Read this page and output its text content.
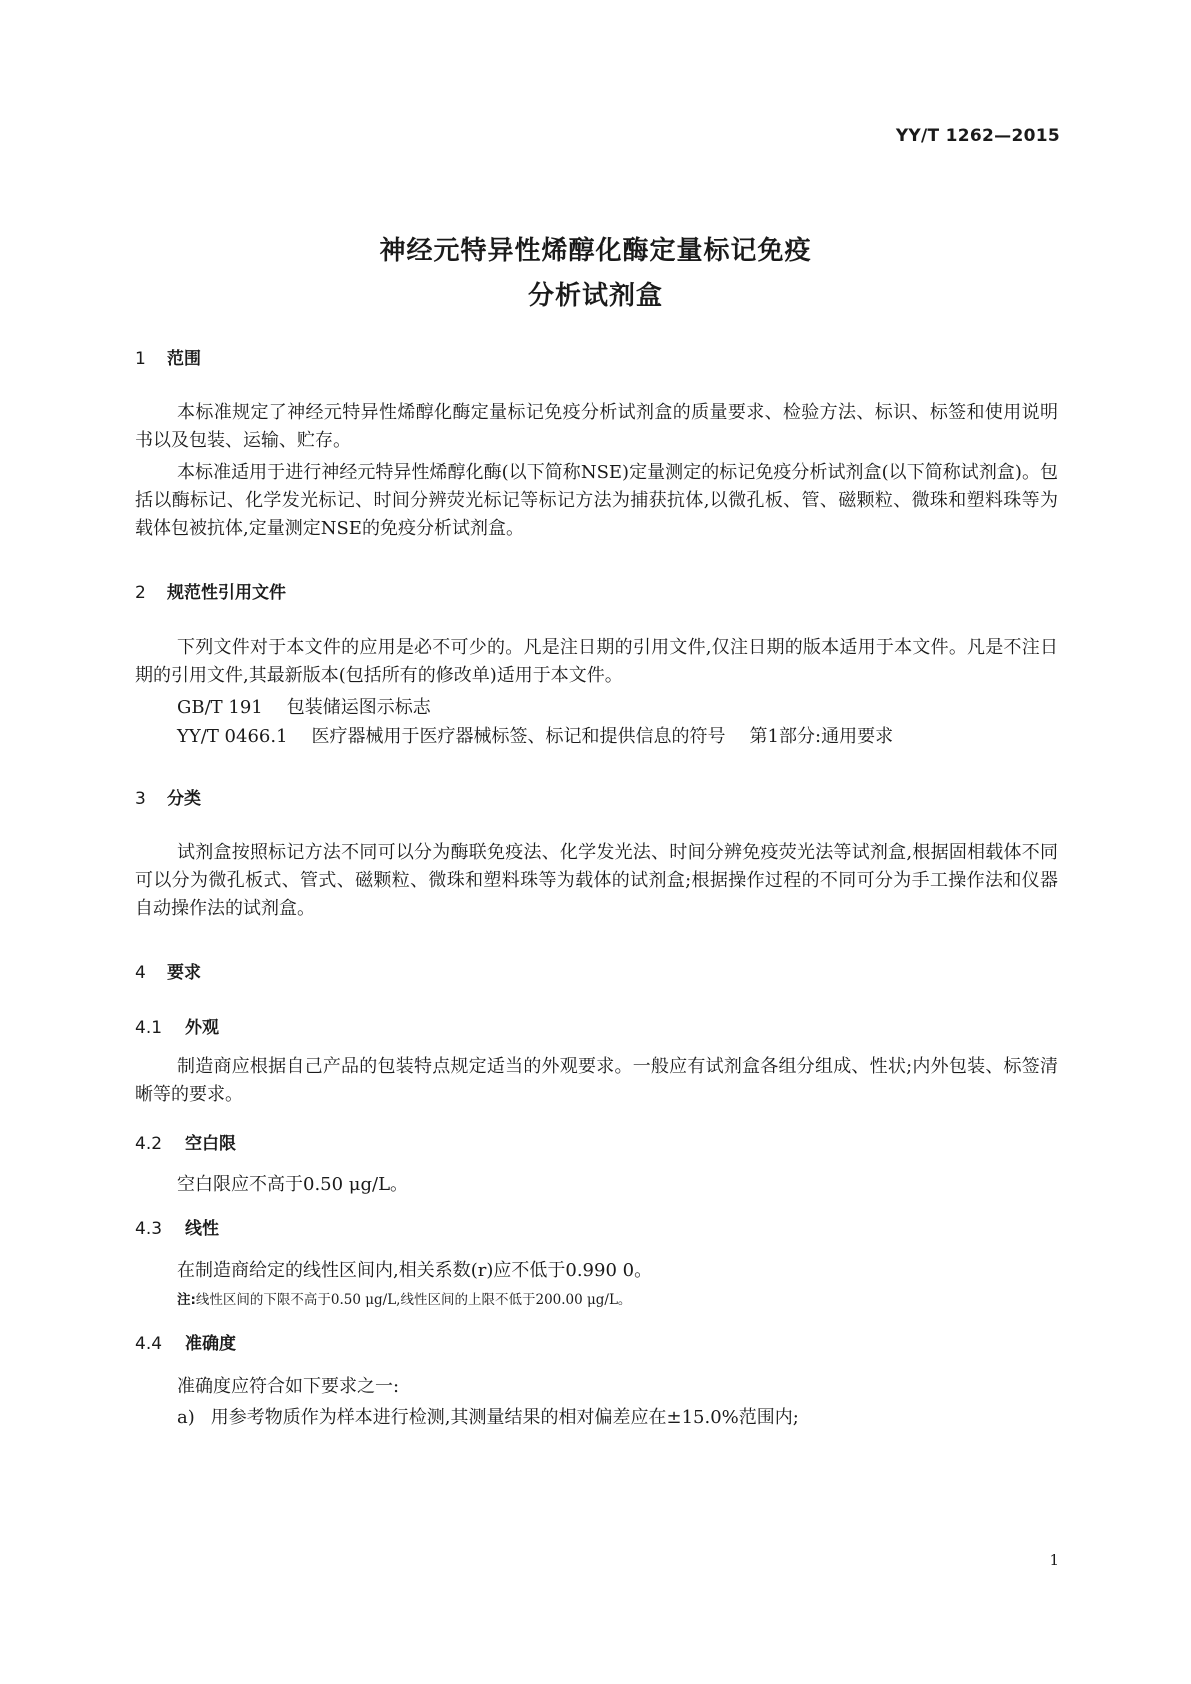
YY/T 1262—2015
神经元特异性烯醇化酶定量标记免疫
分析试剂盒
1 范围

本标准规定了神经元特异性烯醇化酶定量标记免疫分析试剂盒的质量要求、检验方法、标识、标签和使用说明书以及包装、运输、贮存。

本标准适用于进行神经元特异性烯醇化酶(以下简称NSE)定量测定的标记免疫分析试剂盒(以下简称试剂盒)。包括以酶标记、化学发光标记、时间分辨荧光标记等标记方法为捕获抗体,以微孔板、管、磁颗粒、微珠和塑料珠等为载体包被抗体,定量测定NSE的免疫分析试剂盒。

2 规范性引用文件

下列文件对于本文件的应用是必不可少的。凡是注日期的引用文件,仅注日期的版本适用于本文件。凡是不注日期的引用文件,其最新版本(包括所有的修改单)适用于本文件。

GB/T 191 包装储运图示标志
YY/T 0466.1 医疗器械用于医疗器械标签、标记和提供信息的符号 第1部分:通用要求
3 分类

试剂盒按照标记方法不同可以分为酶联免疫法、化学发光法、时间分辨免疫荧光法等试剂盒,根据固相载体不同可以分为微孔板式、管式、磁颗粒、微珠和塑料珠等为载体的试剂盒;根据操作过程的不同可分为手工操作法和仪器自动操作法的试剂盒。

4 要求
4.1 外观

制造商应根据自己产品的包装特点规定适当的外观要求。一般应有试剂盒各组分组成、性状;内外包装、标签清晰等的要求。

4.2 空白限
空白限应不高于0.50 μg/L。
4.3 线性
在制造商给定的线性区间内,相关系数(r)应不低于0.990 0。
注:线性区间的下限不高于0.50 μg/L,线性区间的上限不低于200.00 μg/L。
4.4 准确度
准确度应符合如下要求之一:
a) 用参考物质作为样本进行检测,其测量结果的相对偏差应在±15.0%范围内;
1
